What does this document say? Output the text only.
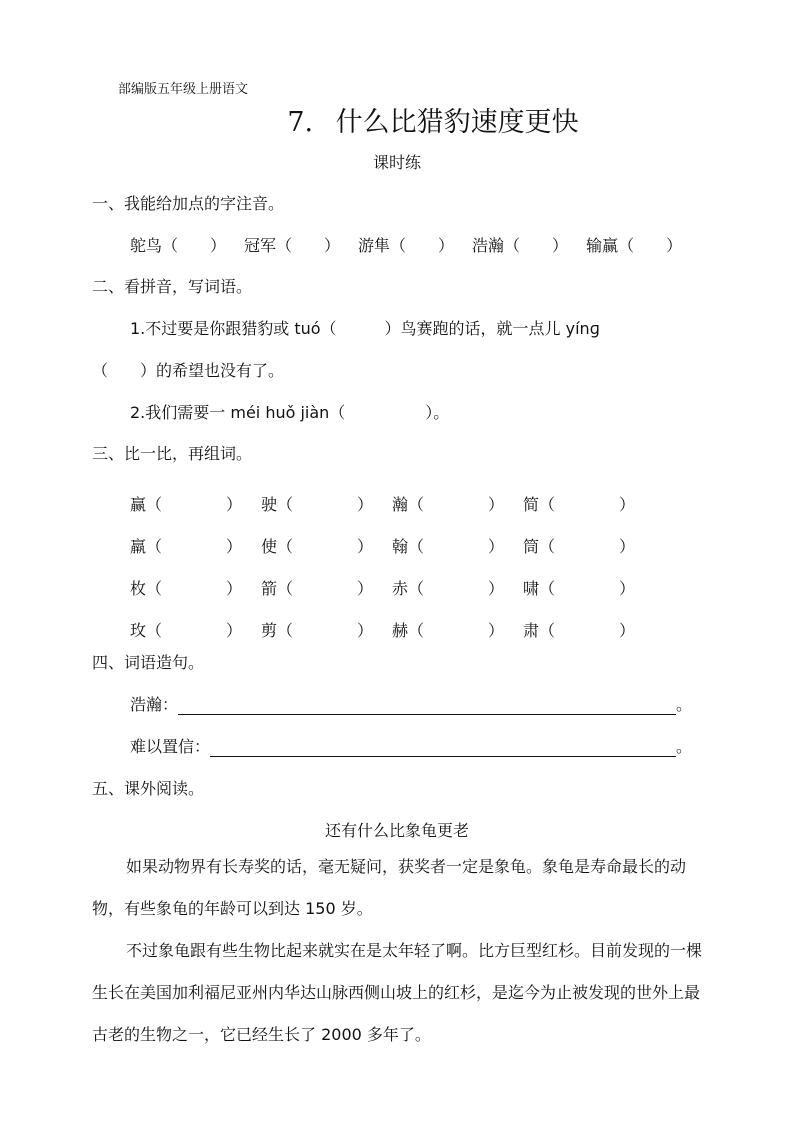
部编版五年级上册语文
7. 什么比猎豹速度更快
课时练
一、我能给加点的字注音。
鸵鸟（　　） 冠军（　　） 游隼（　　） 浩瀚（　　） 输赢（　　）
二、看拼音，写词语。
1.不过要是你跟猎豹或 tuó（　　　）鸟赛跑的话，就一点儿 yínɡ
（　　）的希望也没有了。
2.我们需要一 méi huǒ jiàn（　　　　　）。
三、比一比，再组词。
赢（　　　　）	驶（　　　　）	瀚（　　　　）	简（　　　　）
羸（　　　　）	使（　　　　）	翰（　　　　）	筒（　　　　）
枚（　　　　）	箭（　　　　）	赤（　　　　）	啸（　　　　）
玫（　　　　）	剪（　　　　）	赫（　　　　）	肃（　　　　）
四、词语造句。
浩瀚：	。
难以置信：	。
五、课外阅读。
还有什么比象龟更老
如果动物界有长寿奖的话，毫无疑问，获奖者一定是象龟。象龟是寿命最长的动物，有些象龟的年龄可以到达 150 岁。
不过象龟跟有些生物比起来就实在是太年轻了啊。比方巨型红杉。目前发现的一棵生长在美国加利福尼亚州内华达山脉西侧山坡上的红杉，是迄今为止被发现的世外上最古老的生物之一，它已经生长了 2000 多年了。
